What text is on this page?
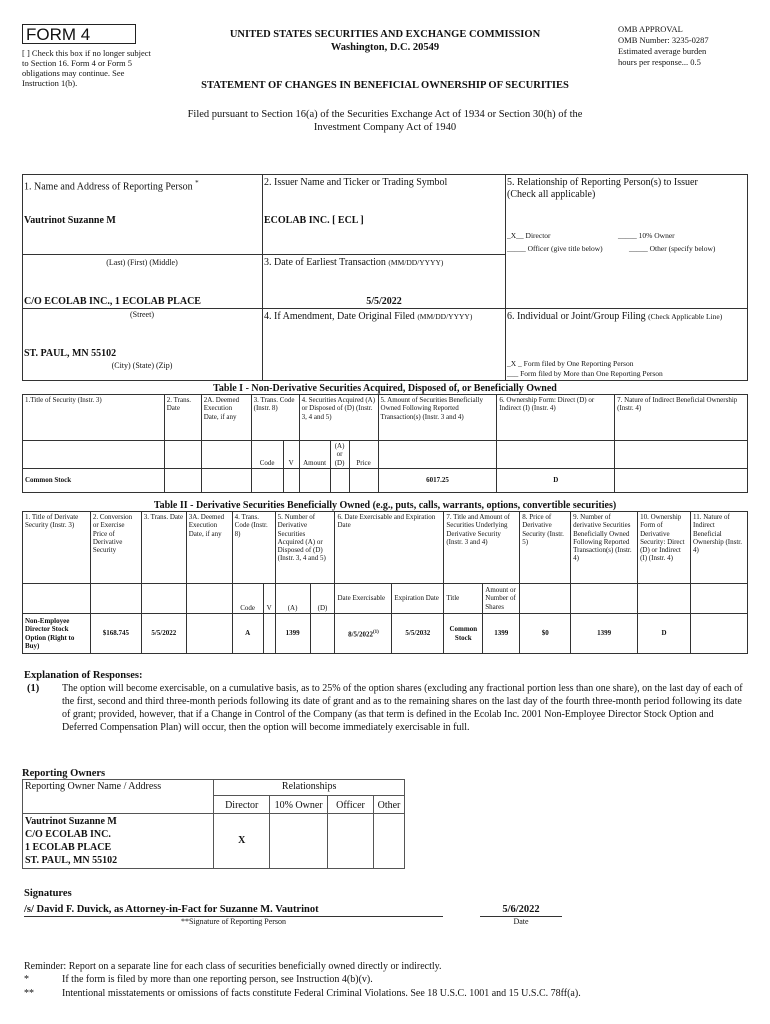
FORM 4
[ ] Check this box if no longer subject to Section 16. Form 4 or Form 5 obligations may continue. See Instruction 1(b).
UNITED STATES SECURITIES AND EXCHANGE COMMISSION
Washington, D.C. 20549
STATEMENT OF CHANGES IN BENEFICIAL OWNERSHIP OF SECURITIES
OMB APPROVAL
OMB Number: 3235-0287
Estimated average burden
hours per response... 0.5
Filed pursuant to Section 16(a) of the Securities Exchange Act of 1934 or Section 30(h) of the
Investment Company Act of 1940
1. Name and Address of Reporting Person *
Vautrinot Suzanne M
(Last) (First) (Middle)
C/O ECOLAB INC., 1 ECOLAB PLACE
(Street)
ST. PAUL, MN 55102
(City) (State) (Zip)
2. Issuer Name and Ticker or Trading Symbol
ECOLAB INC. [ ECL ]
3. Date of Earliest Transaction (MM/DD/YYYY)
5/5/2022
4. If Amendment, Date Original Filed (MM/DD/YYYY)
5. Relationship of Reporting Person(s) to Issuer
(Check all applicable)
_X__ Director	_____ 10% Owner
_____ Officer (give title below)	_____ Other (specify below)
6. Individual or Joint/Group Filing (Check Applicable Line)
_X _ Form filed by One Reporting Person
___ Form filed by More than One Reporting Person
Table I - Non-Derivative Securities Acquired, Disposed of, or Beneficially Owned
1.Title of Security (Instr. 3)	2. Trans. Date	2A. Deemed Execution Date, if any	3. Trans. Code (Instr. 8)		4. Securities Acquired (A) or Disposed of (D) (Instr. 3, 4 and 5)			5. Amount of Securities Beneficially Owned Following Reported Transaction(s) (Instr. 3 and 4)	6. Ownership Form: Direct (D) or Indirect (I) (Instr. 4)	7. Nature of Indirect Beneficial Ownership (Instr. 4)
			Code	V	Amount	(A) or (D)	Price			
Common Stock								6017.25	D	
Table II - Derivative Securities Beneficially Owned (e.g., puts, calls, warrants, options, convertible securities)
1. Title of Derivate Security (Instr. 3)	2. Conversion or Exercise Price of Derivative Security	3. Trans. Date	3A. Deemed Execution Date, if any	4. Trans. Code (Instr. 8)		5. Number of Derivative Securities Acquired (A) or Disposed of (D) (Instr. 3, 4 and 5)		6. Date Exercisable and Expiration Date		7. Title and Amount of Securities Underlying Derivative Security (Instr. 3 and 4)		8. Price of Derivative Security (Instr. 5)	9. Number of derivative Securities Beneficially Owned Following Reported Transaction(s) (Instr. 4)	10. Ownership Form of Derivative Security: Direct (D) or Indirect (I) (Instr. 4)	11. Nature of Indirect Beneficial Ownership (Instr. 4)
				Code	V	(A)	(D)	Date Exercisable	Expiration Date	Title	Amount or Number of Shares				
Non-Employee Director Stock Option (Right to Buy)	$168.745	5/5/2022		A		1399		8/5/2022$^{(1)}$	5/5/2032	Common Stock	1399	$0	1399	D	
Explanation of Responses:
(1) The option will become exercisable, on a cumulative basis, as to 25% of the option shares (excluding any fractional portion less than one share), on the last day of each of the first, second and third three-month periods following its date of grant and as to the remaining shares on the last day of the fourth three-month period following its date of grant; provided, however, that if a Change in Control of the Company (as that term is defined in the Ecolab Inc. 2001 Non-Employee Director Stock Option and Deferred Compensation Plan) will occur, then the option will become immediately exercisable in full.
Reporting Owners
Reporting Owner Name / Address	Relationships			
	Director	10% Owner	Officer	Other

Vautrinot Suzanne M
C/O ECOLAB INC.
1 ECOLAB PLACE
ST. PAUL, MN 55102	X			
Signatures
/s/ David F. Duvick, as Attorney-in-Fact for Suzanne M. Vautrinot
**Signature of Reporting Person
5/6/2022
Date
Reminder: Report on a separate line for each class of securities beneficially owned directly or indirectly.
*	If the form is filed by more than one reporting person, see Instruction 4(b)(v).
**	Intentional misstatements or omissions of facts constitute Federal Criminal Violations. See 18 U.S.C. 1001 and 15 U.S.C. 78ff(a).
